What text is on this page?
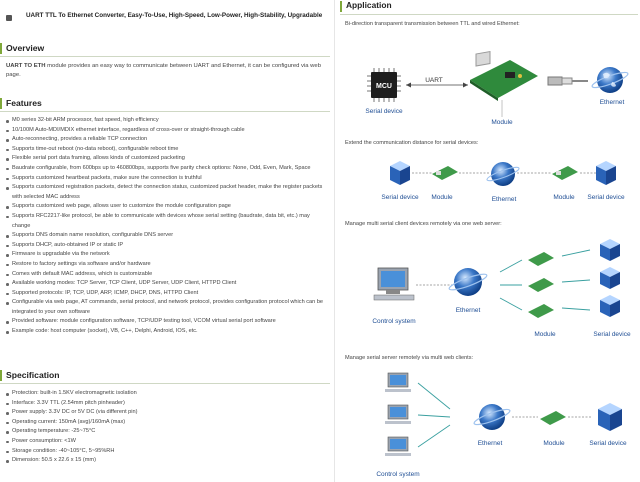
UART TTL To Ethernet Converter, Easy-To-Use, High-Speed, Low-Power, High-Stability, Upgradable
Overview
UART TO ETH module provides an easy way to communicate between UART and Ethernet, it can be configured via web page.
Features
M0 series 32-bit ARM processor, fast speed, high efficiency
10/100M Auto-MDI/MDIX ethernet interface, regardless of cross-over or straight-through cable
Auto-reconnecting, provides a reliable TCP connection
Supports time-out reboot (no-data reboot), configurable reboot time
Flexible serial port data framing, allows kinds of customized packeting
Baudrate configurable, from 600bps up to 460800bps, supports five parity check options: None, Odd, Even, Mark, Space
Supports customized heartbeat packets, make sure the connection is truthful
Supports customized registration packets, detect the connection status, customized packet header, make the register packets with selected MAC address
Supports customized web page, allows user to customize the module configuration page
Supports RFC2217-like protocol, be able to communicate with devices whose serial setting (baudrate, data bit, etc.) may change
Supports DNS domain name resolution, configurable DNS server
Supports DHCP, auto-obtained IP or static IP
Firmware is upgradable via the network
Restore to factory settings via software and/or hardware
Comes with default MAC address, which is customizable
Available working modes: TCP Server, TCP Client, UDP Server, UDP Client, HTTPD Client
Supported protocols: IP, TCP, UDP, ARP, ICMP, DHCP, DNS, HTTPD Client
Configurable via web page, AT commands, serial protocol, and network protocol, provides configuration protocol which can be integrated to your own software
Provided software: module configuration software, TCP/UDP testing tool, VCOM virtual serial port software
Example code: host computer (socket), VB, C++, Delphi, Android, IOS, etc.
Specification
Protection: built-in 1.5KV electromagnetic isolation
Interface: 3.3V TTL (2.54mm pitch pinheader)
Power supply: 3.3V DC or 5V DC (via different pin)
Operating current: 150mA (avg)/160mA (max)
Operating temperature: -25~75°C
Power consumption: <1W
Storage condition: -40~105°C, 5~95%RH
Dimension: 50.5 x 22.6 x 15 (mm)
Application
Bi-direction transparent transmission between TTL and wired Ethernet:
MCU
Serial device
UART
Module
Ethernet
Extend the communication distance for serial devices:
Serial device Module	Ethernet	Module Serial device
Manage multi serial client devices remotely via one web server:
Control system
Ethernet
Module	Serial device
Manage serial server remotely via multi web clients:
Control system
Ethernet	Module	Serial device
